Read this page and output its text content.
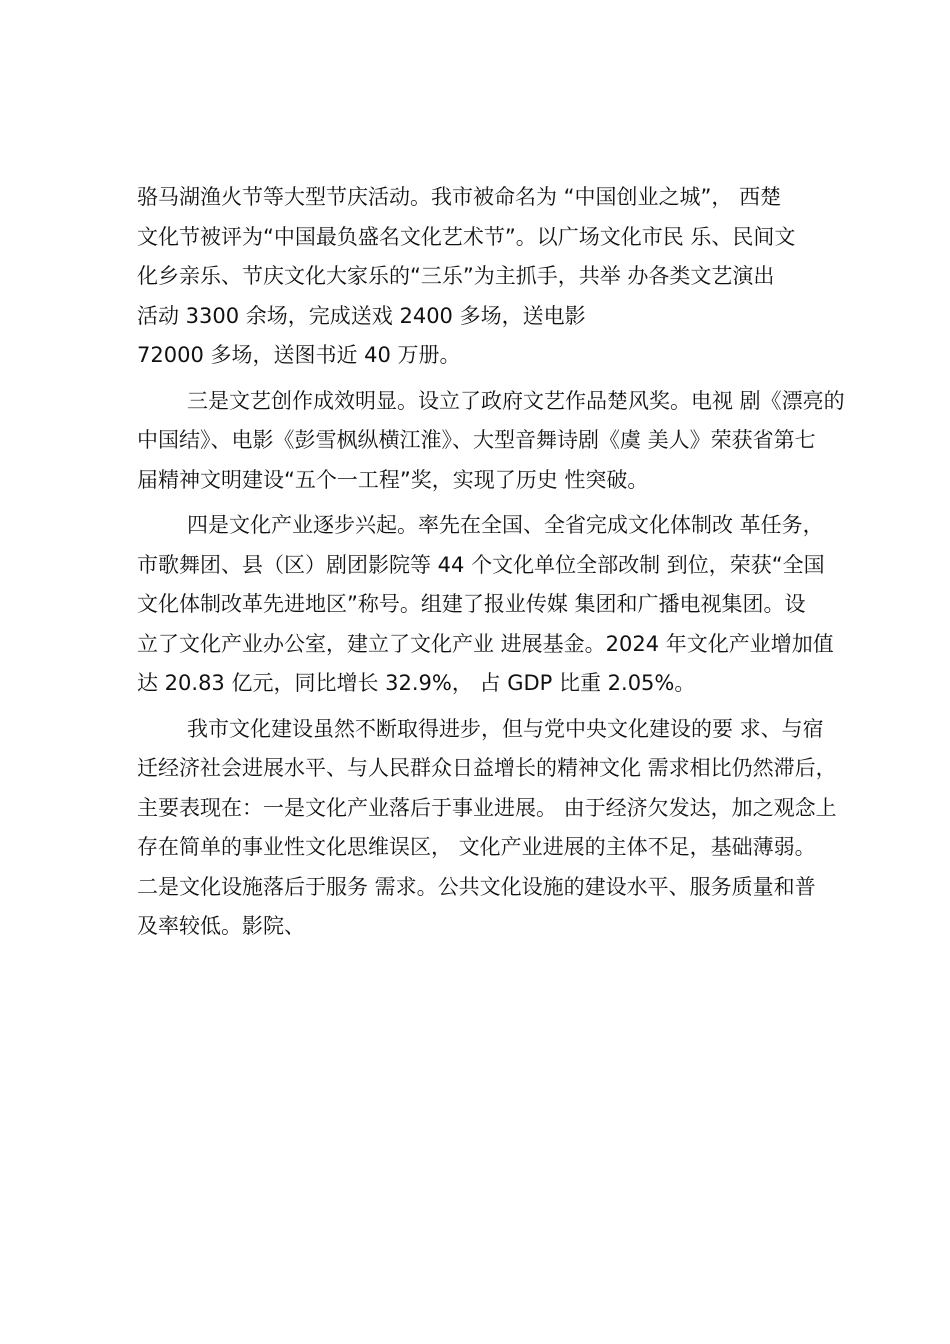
骆马湖渔火节等大型节庆活动。我市被命名为 “中国创业之城”， 西楚
文化节被评为“中国最负盛名文化艺术节”。以广场文化市民 乐、民间文
化乡亲乐、节庆文化大家乐的“三乐”为主抓手，共举 办各类文艺演出
活动 3300 余场，完成送戏 2400 多场，送电影
72000 多场，送图书近 40 万册。
三是文艺创作成效明显。设立了政府文艺作品楚风奖。电视 剧《漂亮的
中国结》、电影《彭雪枫纵横江淮》、大型音舞诗剧《虞 美人》荣获省第七
届精神文明建设“五个一工程”奖，实现了历史 性突破。
四是文化产业逐步兴起。率先在全国、全省完成文化体制改 革任务，
市歌舞团、县（区）剧团影院等 44 个文化单位全部改制 到位，荣获“全国
文化体制改革先进地区”称号。组建了报业传媒 集团和广播电视集团。设
立了文化产业办公室，建立了文化产业 进展基金。2024 年文化产业增加值
达 20.83 亿元，同比增长 32.9%， 占 GDP 比重 2.05%。
我市文化建设虽然不断取得进步，但与党中央文化建设的要 求、与宿
迁经济社会进展水平、与人民群众日益增长的精神文化 需求相比仍然滞后，
主要表现在：一是文化产业落后于事业进展。 由于经济欠发达，加之观念上
存在简单的事业性文化思维误区， 文化产业进展的主体不足，基础薄弱。
二是文化设施落后于服务 需求。公共文化设施的建设水平、服务质量和普
及率较低。影院、
